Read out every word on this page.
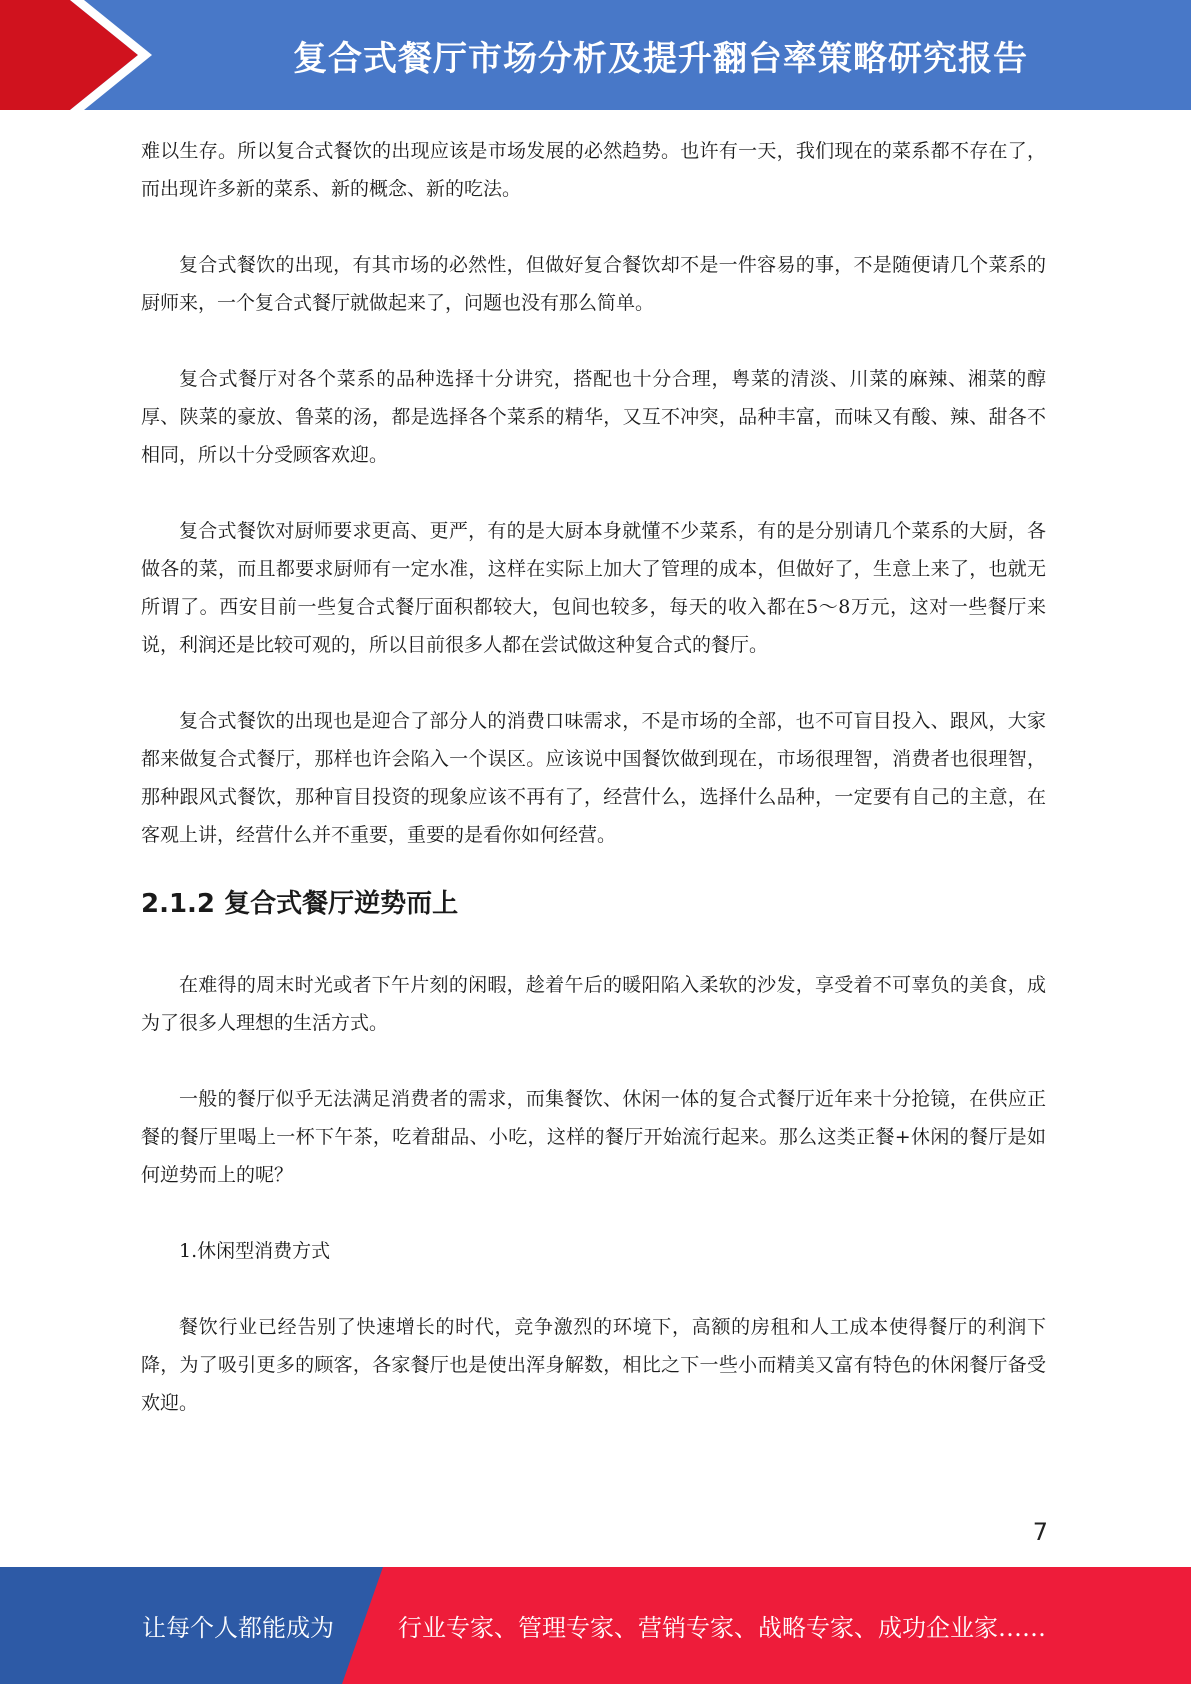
复合式餐厅市场分析及提升翻台率策略研究报告

难以生存。所以复合式餐饮的出现应该是市场发展的必然趋势。也许有一天，我们现在的菜系都不存在了，而出现许多新的菜系、新的概念、新的吃法。

复合式餐饮的出现，有其市场的必然性，但做好复合餐饮却不是一件容易的事，不是随便请几个菜系的厨师来，一个复合式餐厅就做起来了，问题也没有那么简单。

复合式餐厅对各个菜系的品种选择十分讲究，搭配也十分合理，粤菜的清淡、川菜的麻辣、湘菜的醇厚、陕菜的豪放、鲁菜的汤，都是选择各个菜系的精华，又互不冲突，品种丰富，而味又有酸、辣、甜各不相同，所以十分受顾客欢迎。

复合式餐饮对厨师要求更高、更严，有的是大厨本身就懂不少菜系，有的是分别请几个菜系的大厨，各做各的菜，而且都要求厨师有一定水准，这样在实际上加大了管理的成本，但做好了，生意上来了，也就无所谓了。西安目前一些复合式餐厅面积都较大，包间也较多，每天的收入都在5～8万元，这对一些餐厅来说，利润还是比较可观的，所以目前很多人都在尝试做这种复合式的餐厅。

复合式餐饮的出现也是迎合了部分人的消费口味需求，不是市场的全部，也不可盲目投入、跟风，大家都来做复合式餐厅，那样也许会陷入一个误区。应该说中国餐饮做到现在，市场很理智，消费者也很理智，那种跟风式餐饮，那种盲目投资的现象应该不再有了，经营什么，选择什么品种，一定要有自己的主意，在客观上讲，经营什么并不重要，重要的是看你如何经营。

2.1.2 复合式餐厅逆势而上

在难得的周末时光或者下午片刻的闲暇，趁着午后的暖阳陷入柔软的沙发，享受着不可辜负的美食，成为了很多人理想的生活方式。

一般的餐厅似乎无法满足消费者的需求，而集餐饮、休闲一体的复合式餐厅近年来十分抢镜，在供应正餐的餐厅里喝上一杯下午茶，吃着甜品、小吃，这样的餐厅开始流行起来。那么这类正餐+休闲的餐厅是如何逆势而上的呢？

1.休闲型消费方式

餐饮行业已经告别了快速增长的时代，竞争激烈的环境下，高额的房租和人工成本使得餐厅的利润下降，为了吸引更多的顾客，各家餐厅也是使出浑身解数，相比之下一些小而精美又富有特色的休闲餐厅备受欢迎。

7
让每个人都能成为	行业专家、管理专家、营销专家、战略专家、成功企业家……
